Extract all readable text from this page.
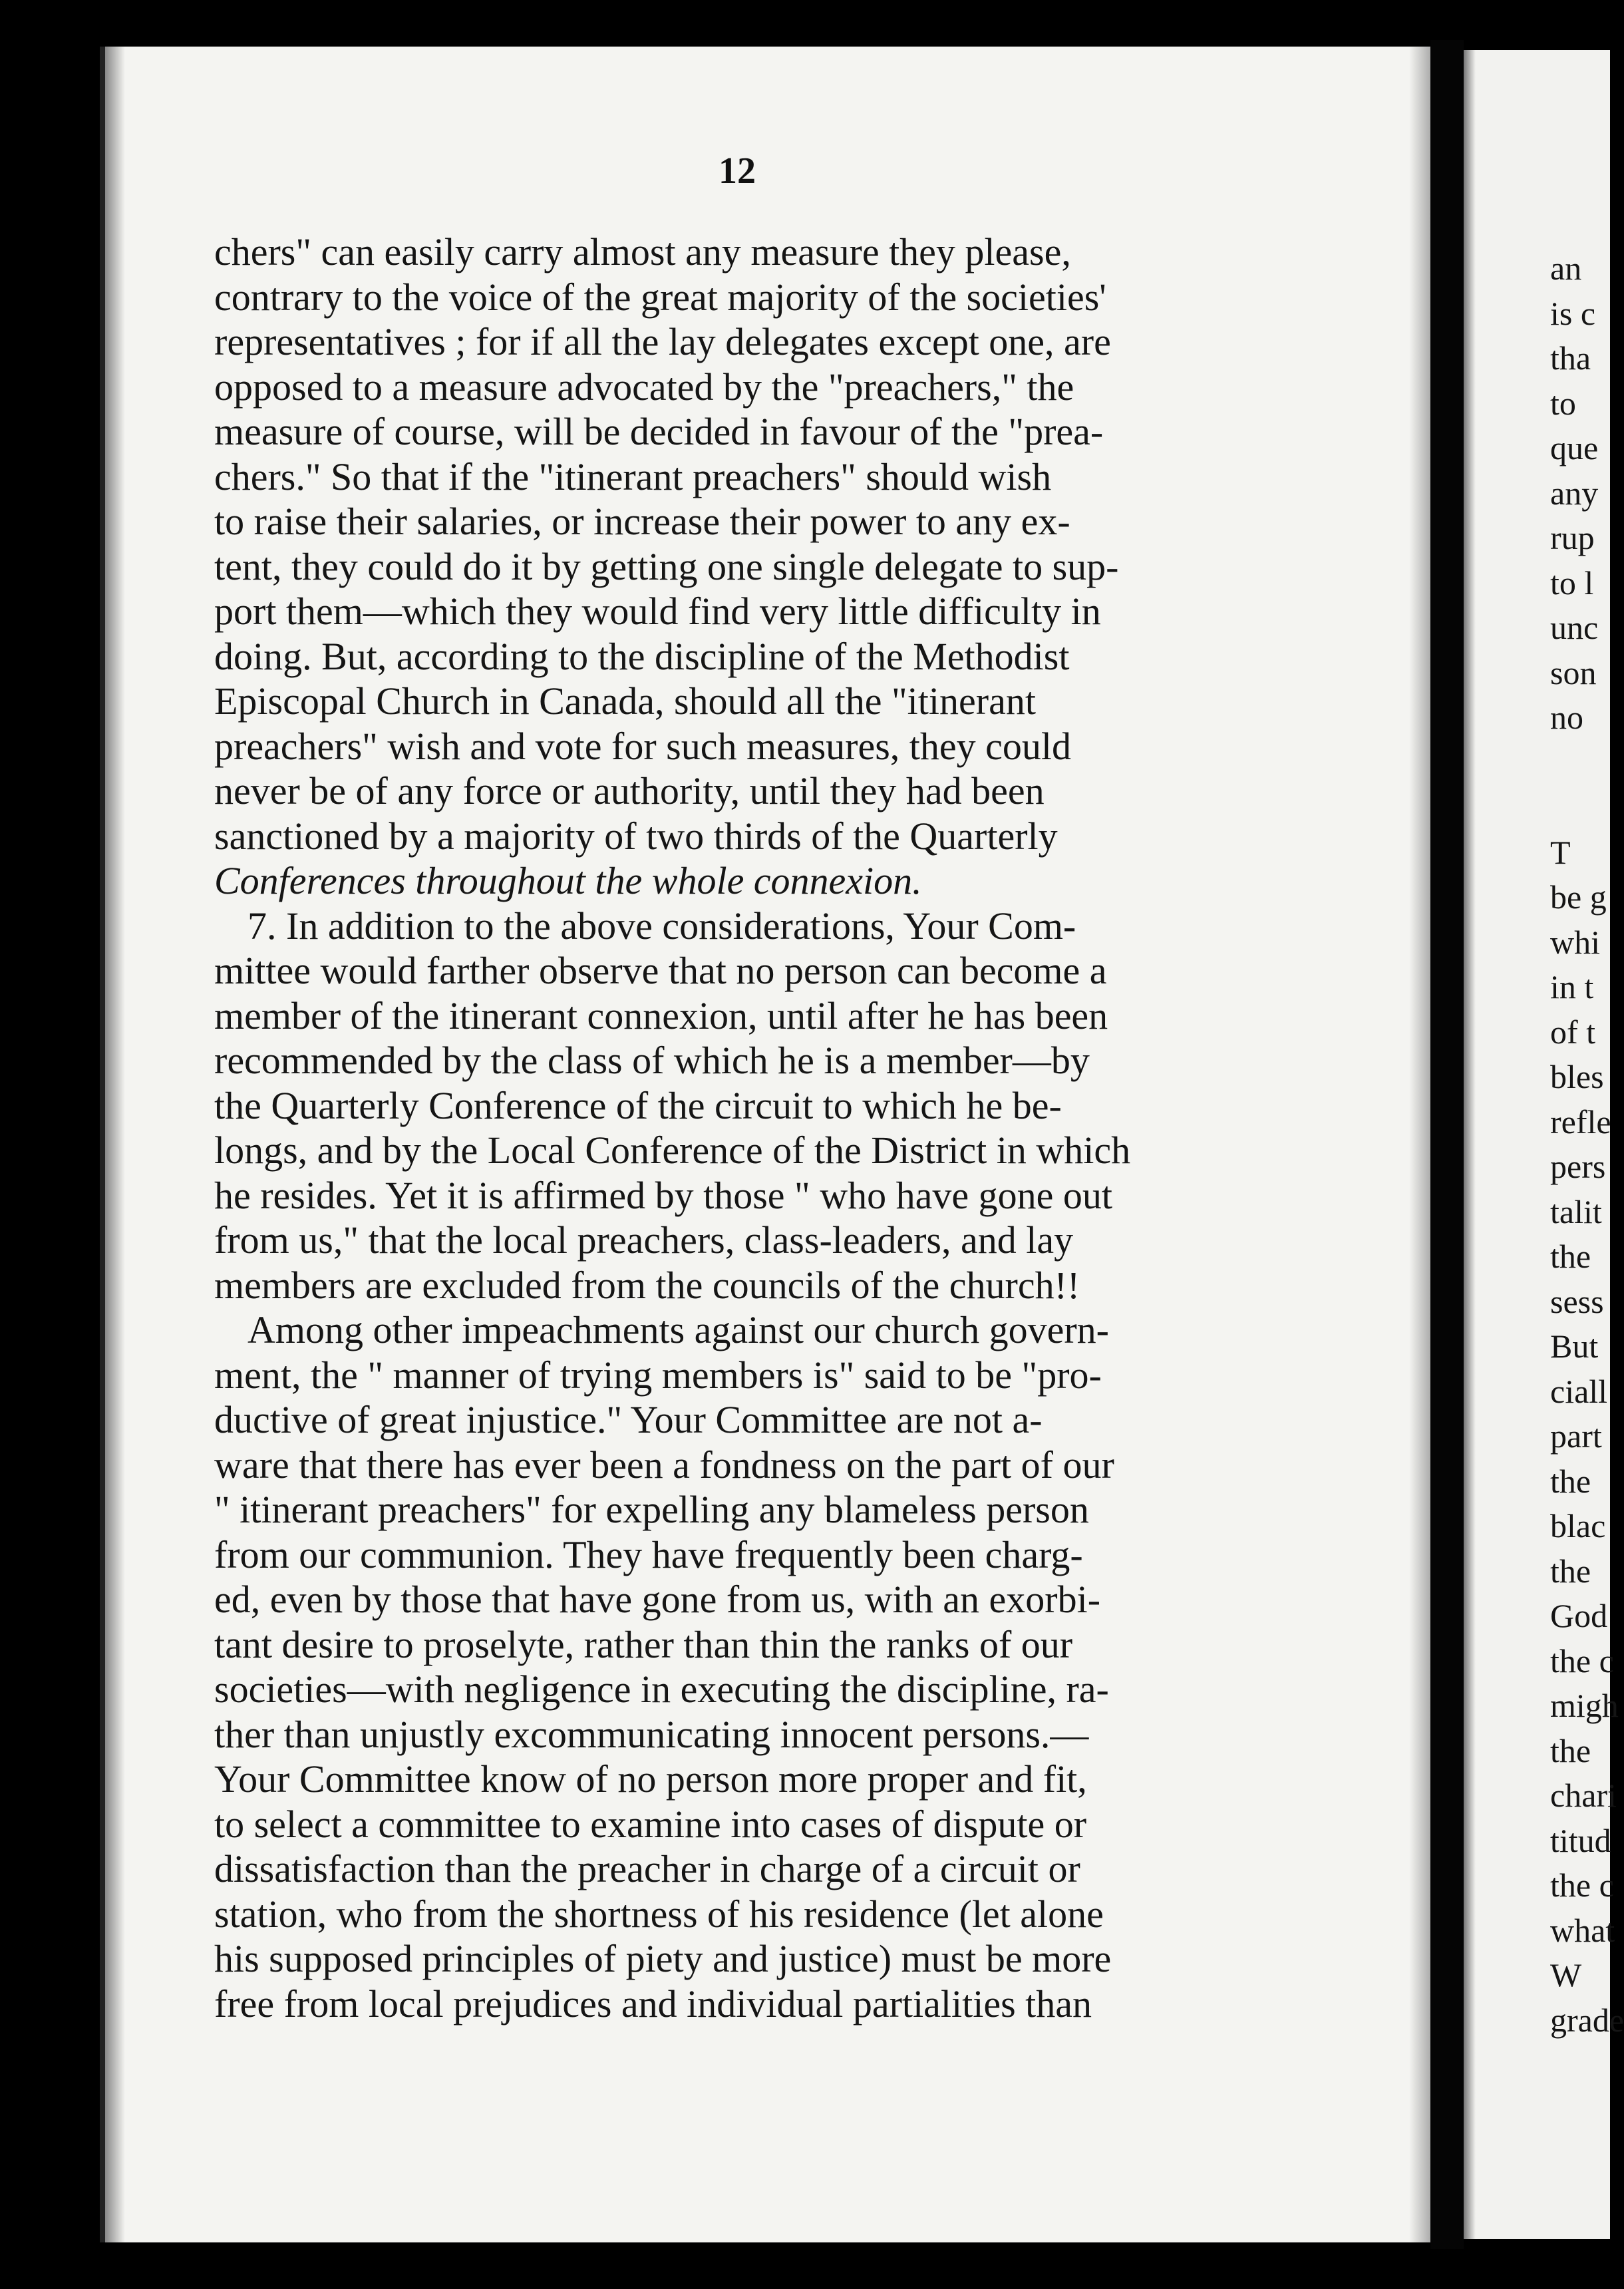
12
chers" can easily carry almost any measure they please,
contrary to the voice of the great majority of the societies'
representatives ; for if all the lay delegates except one, are
opposed to a measure advocated by the "preachers," the
measure of course, will be decided in favour of the "prea-
chers." So that if the "itinerant preachers" should wish
to raise their salaries, or increase their power to any ex-
tent, they could do it by getting one single delegate to sup-
port them—which they would find very little difficulty in
doing. But, according to the discipline of the Methodist
Episcopal Church in Canada, should all the "itinerant
preachers" wish and vote for such measures, they could
never be of any force or authority, until they had been
sanctioned by a majority of two thirds of the Quarterly
Conferences throughout the whole connexion.
7. In addition to the above considerations, Your Com-
mittee would farther observe that no person can become a
member of the itinerant connexion, until after he has been
recommended by the class of which he is a member—by
the Quarterly Conference of the circuit to which he be-
longs, and by the Local Conference of the District in which
he resides. Yet it is affirmed by those " who have gone out
from us," that the local preachers, class-leaders, and lay
members are excluded from the councils of the church!!
Among other impeachments against our church govern-
ment, the " manner of trying members is" said to be "pro-
ductive of great injustice." Your Committee are not a-
ware that there has ever been a fondness on the part of our
" itinerant preachers" for expelling any blameless person
from our communion. They have frequently been charg-
ed, even by those that have gone from us, with an exorbi-
tant desire to proselyte, rather than thin the ranks of our
societies—with negligence in executing the discipline, ra-
ther than unjustly excommunicating innocent persons.—
Your Committee know of no person more proper and fit,
to select a committee to examine into cases of dispute or
dissatisfaction than the preacher in charge of a circuit or
station, who from the shortness of his residence (let alone
his supposed principles of piety and justice) must be more
free from local prejudices and individual partialities than
an
is c
tha
to
que
any
rup
to l
unc
son
no
T
be g
whi
in t
of t
bles
refle
pers
talit
the
sess
But
ciall
part
the
blac
the
God
the c
migh
the
chari
titud
the c
what
W
grade
